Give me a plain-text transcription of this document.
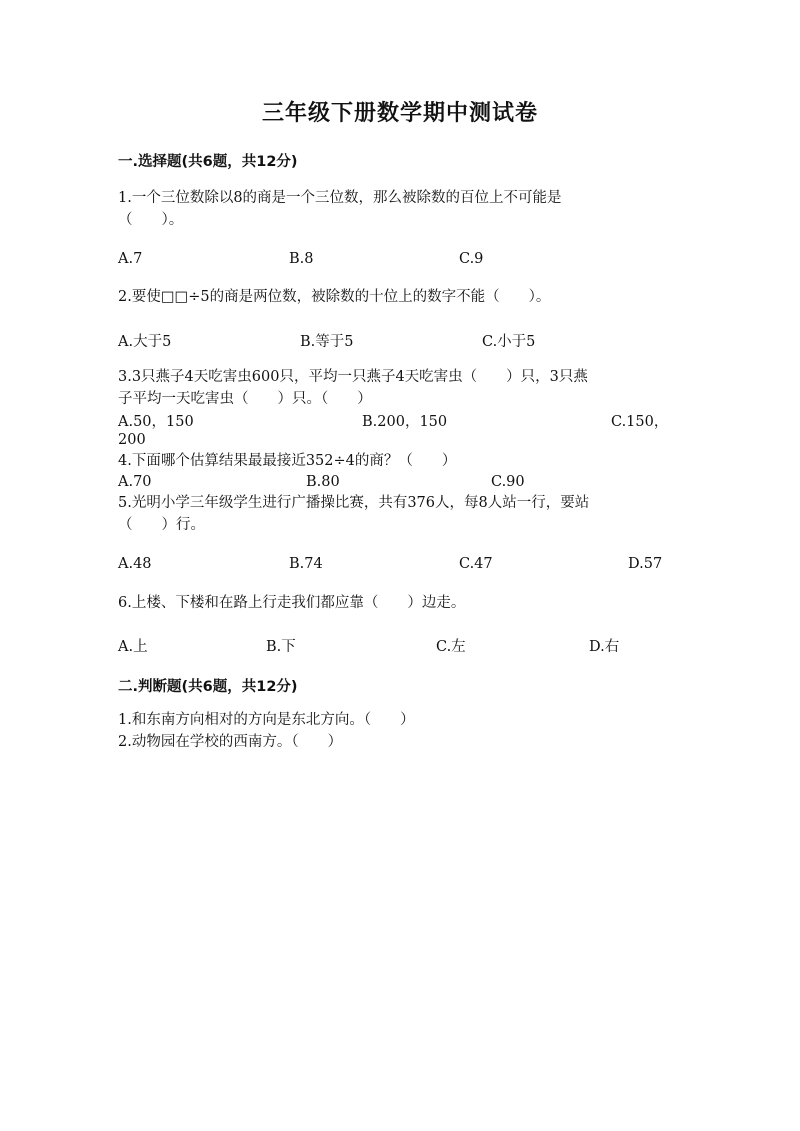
三年级下册数学期中测试卷
一.选择题(共6题，共12分)
1.一个三位数除以8的商是一个三位数，那么被除数的百位上不可能是
（　　）。
A.7	B.8	C.9
2.要使□□÷5的商是两位数，被除数的十位上的数字不能（　　）。
A.大于5	B.等于5	C.小于5
3.3只燕子4天吃害虫600只，平均一只燕子4天吃害虫（　　）只，3只燕
子平均一天吃害虫（　　）只。（　　）
A.50，150	B.200，150	C.150，
200
4.下面哪个估算结果最最接近352÷4的商？（　　）
A.70	B.80	C.90
5.光明小学三年级学生进行广播操比赛，共有376人，每8人站一行，要站
（　　）行。
A.48	B.74	C.47	D.57
6.上楼、下楼和在路上行走我们都应靠（　　）边走。
A.上	B.下	C.左	D.右
二.判断题(共6题，共12分)
1.和东南方向相对的方向是东北方向。（　　）
2.动物园在学校的西南方。（　　）
